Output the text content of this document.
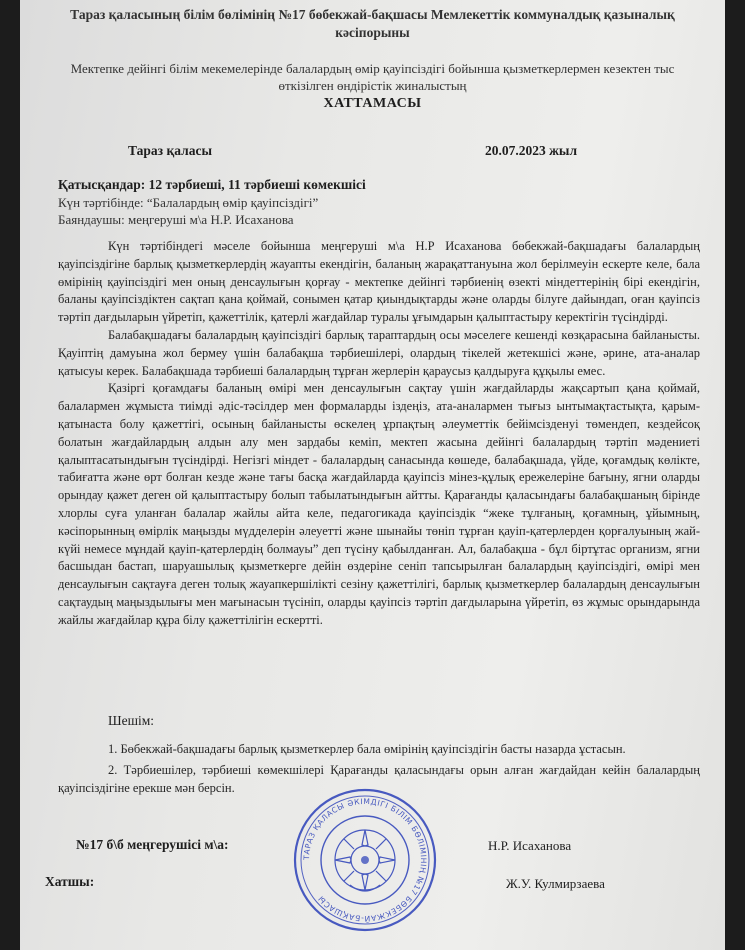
Тараз қаласының білім бөлімінің №17 бөбекжай-бақшасы Мемлекеттік коммуналдық қазыналық кәсіпорыны
Мектепке дейінгі білім мекемелерінде балалардың өмір қауіпсіздігі бойынша қызметкерлермен кезектен тыс өткізілген өндірістік жиналыстың
ХАТТАМАСЫ
Тараз қаласы	20.07.2023 жыл
Қатысқандар: 12 тәрбиеші, 11 тәрбиеші көмекшісі
Күн тәртібінде: “Балалардың өмір қауіпсіздігі”
Баяндаушы: меңгеруші м\а Н.Р. Исаханова

Күн тәртібіндегі мәселе бойынша меңгеруші м\а Н.Р Исаханова бөбекжай-бақшадағы балалардың қауіпсіздігіне барлық қызметкерлердің жауапты екендігін, баланың жарақаттануына жол берілмеуін ескерте келе, бала өмірінің қауіпсіздігі мен оның денсаулығын қорғау - мектепке дейінгі тәрбиенің өзекті міндеттерінің бірі екендігін, баланы қауіпсіздіктен сақтап қана қоймай, сонымен қатар қиындықтарды және оларды білуге дайындап, оған қауіпсіз тәртіп дағдыларын үйретіп, қажеттілік, қатерлі жағдайлар туралы ұғымдарын қалыптастыру керектігін түсіндірді.

Балабақшадағы балалардың қауіпсіздігі барлық тараптардың осы мәселеге кешенді көзқарасына байланысты. Қауіптің дамуына жол бермеу үшін балабақша тәрбиешілері, олардың тікелей жетекшісі және, әрине, ата-аналар қатысуы керек. Балабақшада тәрбиеші балалардың тұрған жерлерін қараусыз қалдыруға құқылы емес.

Қазіргі қоғамдағы баланың өмірі мен денсаулығын сақтау үшін жағдайларды жақсартып қана қоймай, балалармен жұмыста тиімді әдіс-тәсілдер мен формаларды іздеңіз, ата-аналармен тығыз ынтымақтастықта, қарым-қатынаста болу қажеттігі, осының байланысты өскелең ұрпақтың әлеуметтік бейімсізденуі төмендеп, кездейсоқ болатын жағдайлардың алдын алу мен зардабы кеміп, мектеп жасына дейінгі балалардың тәртіп мәдениеті қалыптасатындығын түсіндірді. Негізгі міндет - балалардың санасында көшеде, балабақшада, үйде, қоғамдық көлікте, табиғатта және өрт болған кезде және тағы басқа жағдайларда қауіпсіз мінез-құлық ережелеріне бағыну, ягни оларды орындау қажет деген ой қалыптастыру болып табылатындығын айтты. Қарағанды қаласындағы балабақшаның бірінде хлорлы суға уланған балалар жайлы айта келе, педагогикада қауіпсіздік “жеке тұлғаның, қоғамның, ұйымның, кәсіпорынның өмірлік маңызды мүдделерін әлеуетті және шынайы төніп тұрған қауіп-қатерлерден қорғалуының жай-күйі немесе мұндай қауіп-қатерлердің болмауы” деп түсіну қабылданған. Ал, балабақша - бұл біртұтас организм, ягни басшыдан бастап, шаруашылық қызметкерге дейін өздеріне сеніп тапсырылған балалардың қауіпсіздігі, өмірі мен денсаулығын сақтауға деген толық жауапкершілікті сезіну қажеттілігі, барлық қызметкерлер балалардың денсаулығын сақтаудың маңыздылығы мен мағынасын түсініп, оларды қауіпсіз тәртіп дағдыларына үйретіп, өз жұмыс орындарында жайлы жағдайлар құра білу қажеттілігін ескертті.

Шешім:

1. Бөбекжай-бақшадағы барлық қызметкерлер бала өмірінің қауіпсіздігін басты назарда ұстасын.

2. Тәрбиешілер, тәрбиеші көмекшілері Қарағанды қаласындағы орын алған жағдайдан кейін балалардың қауіпсіздігіне ерекше мән берсін.

№17 б\б меңгерушісі м\а:	Н.Р. Исаханова
Хатшы:	Ж.У. Кулмирзаева
ТАРАЗ ҚАЛАСЫ ӘКІМДІГІ БІЛІМ БӨЛІМІНІҢ №17 БӨБЕКЖАЙ-БАҚШАСЫ
